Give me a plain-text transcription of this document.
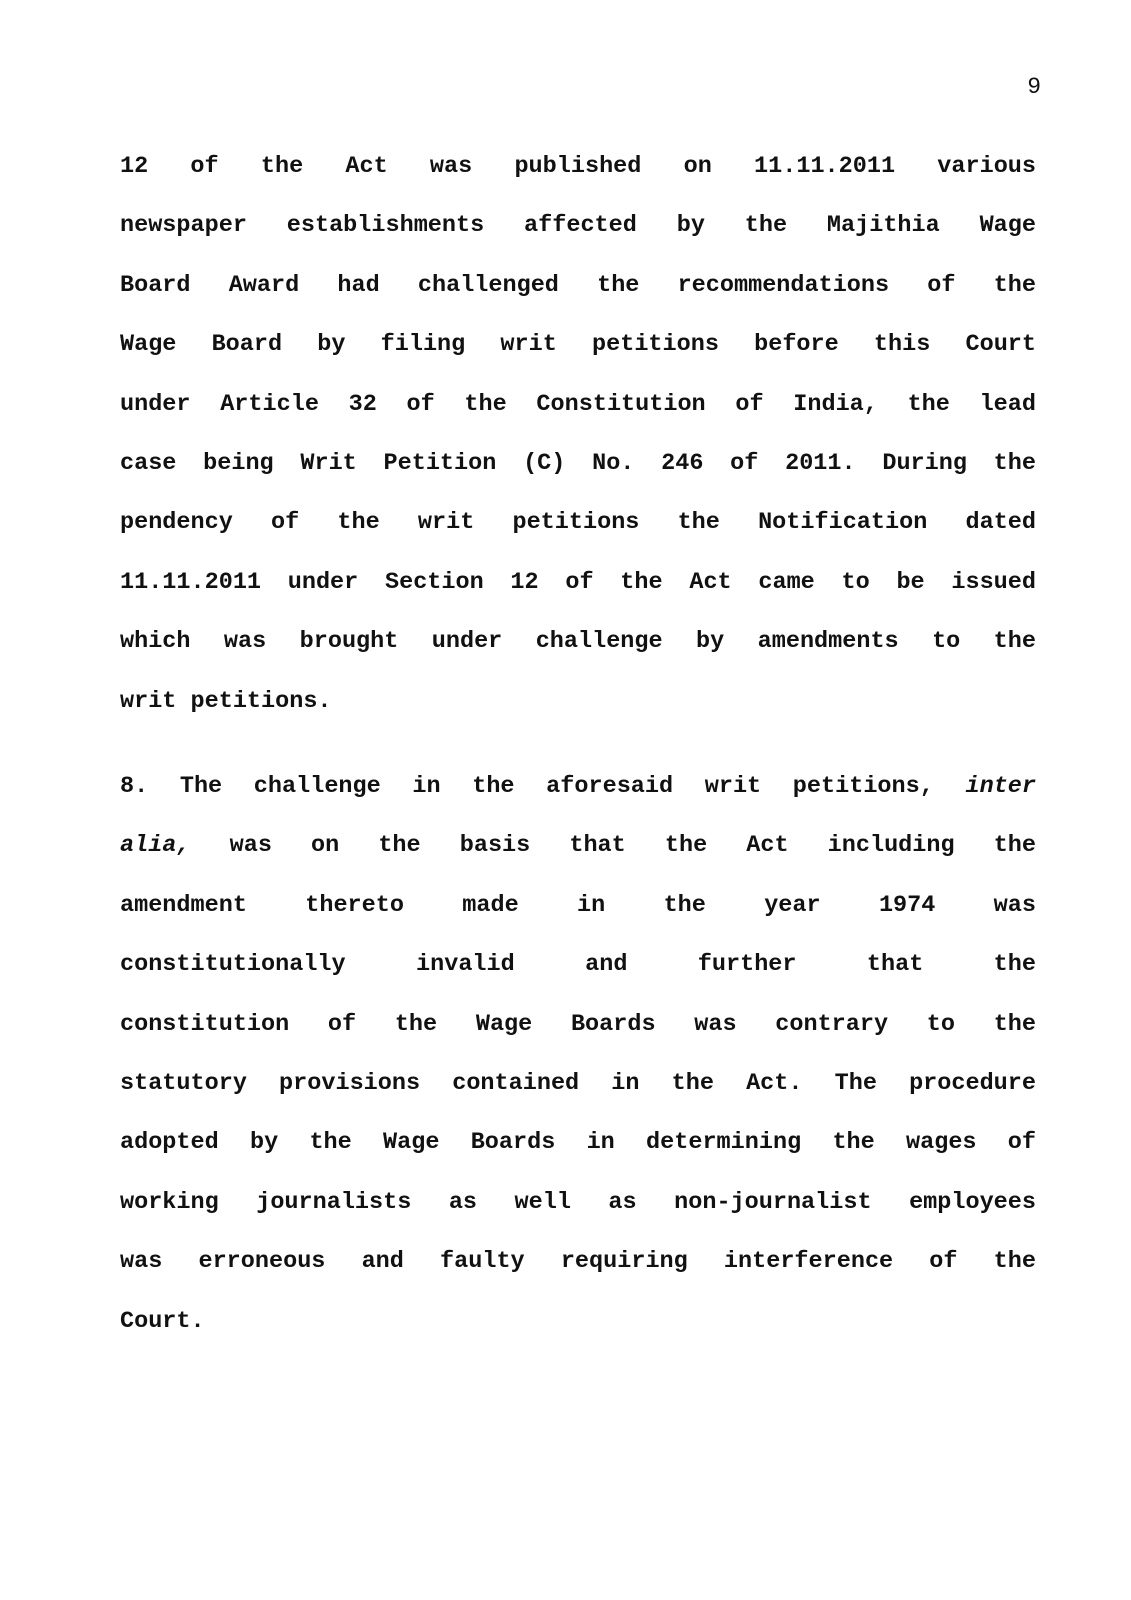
9
12 of the Act was published on 11.11.2011 various
newspaper establishments affected by the Majithia Wage
Board Award had challenged the recommendations of the
Wage Board by filing writ petitions before this Court
under Article 32 of the Constitution of India, the lead
case being Writ Petition (C) No. 246 of 2011. During the
pendency of the writ petitions the Notification dated
11.11.2011 under Section 12 of the Act came to be issued
which was brought under challenge by amendments to the
writ petitions.
8. The challenge in the aforesaid writ petitions, inter
alia, was on the basis that the Act including the
amendment thereto made in the year 1974 was
constitutionally invalid and further that the
constitution of the Wage Boards was contrary to the
statutory provisions contained in the Act. The procedure
adopted by the Wage Boards in determining the wages of
working journalists as well as non-journalist employees
was erroneous and faulty requiring interference of the
Court.
